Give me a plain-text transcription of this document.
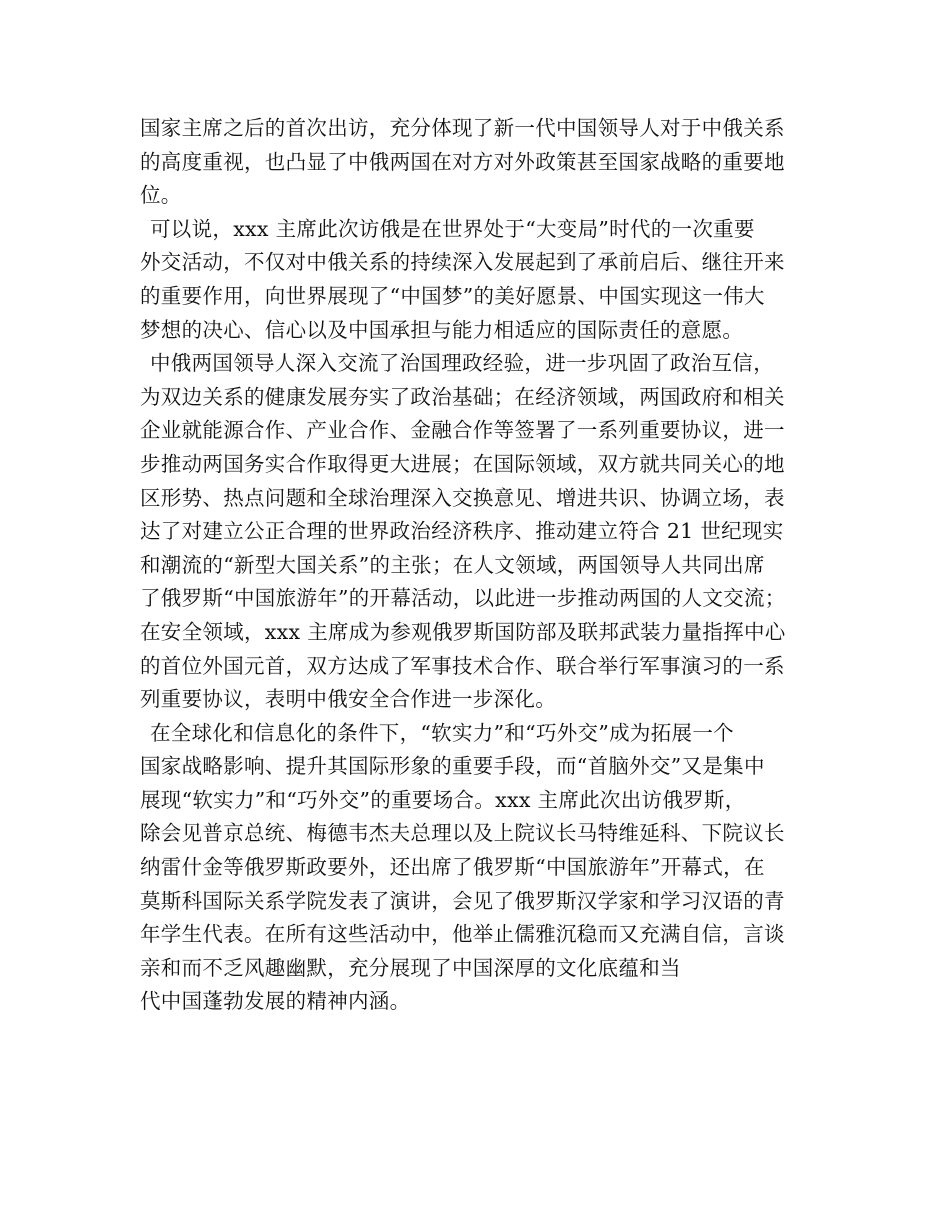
国家主席之后的首次出访，充分体现了新一代中国领导人对于中俄关系
的高度重视，也凸显了中俄两国在对方对外政策甚至国家战略的重要地
位。
可以说，xxx 主席此次访俄是在世界处于“大变局”时代的一次重要
外交活动，不仅对中俄关系的持续深入发展起到了承前启后、继往开来
的重要作用，向世界展现了“中国梦”的美好愿景、中国实现这一伟大
梦想的决心、信心以及中国承担与能力相适应的国际责任的意愿。
中俄两国领导人深入交流了治国理政经验，进一步巩固了政治互信，
为双边关系的健康发展夯实了政治基础；在经济领域，两国政府和相关
企业就能源合作、产业合作、金融合作等签署了一系列重要协议，进一
步推动两国务实合作取得更大进展；在国际领域，双方就共同关心的地
区形势、热点问题和全球治理深入交换意见、增进共识、协调立场，表
达了对建立公正合理的世界政治经济秩序、推动建立符合 21 世纪现实
和潮流的“新型大国关系”的主张；在人文领域，两国领导人共同出席
了俄罗斯“中国旅游年”的开幕活动，以此进一步推动两国的人文交流；
在安全领域，xxx 主席成为参观俄罗斯国防部及联邦武装力量指挥中心
的首位外国元首，双方达成了军事技术合作、联合举行军事演习的一系
列重要协议，表明中俄安全合作进一步深化。
在全球化和信息化的条件下，“软实力”和“巧外交”成为拓展一个
国家战略影响、提升其国际形象的重要手段，而“首脑外交”又是集中
展现“软实力”和“巧外交”的重要场合。xxx 主席此次出访俄罗斯，
除会见普京总统、梅德韦杰夫总理以及上院议长马特维延科、下院议长
纳雷什金等俄罗斯政要外，还出席了俄罗斯“中国旅游年”开幕式，在
莫斯科国际关系学院发表了演讲，会见了俄罗斯汉学家和学习汉语的青
年学生代表。在所有这些活动中，他举止儒雅沉稳而又充满自信，言谈
亲和而不乏风趣幽默，充分展现了中国深厚的文化底蕴和当
代中国蓬勃发展的精神内涵。
